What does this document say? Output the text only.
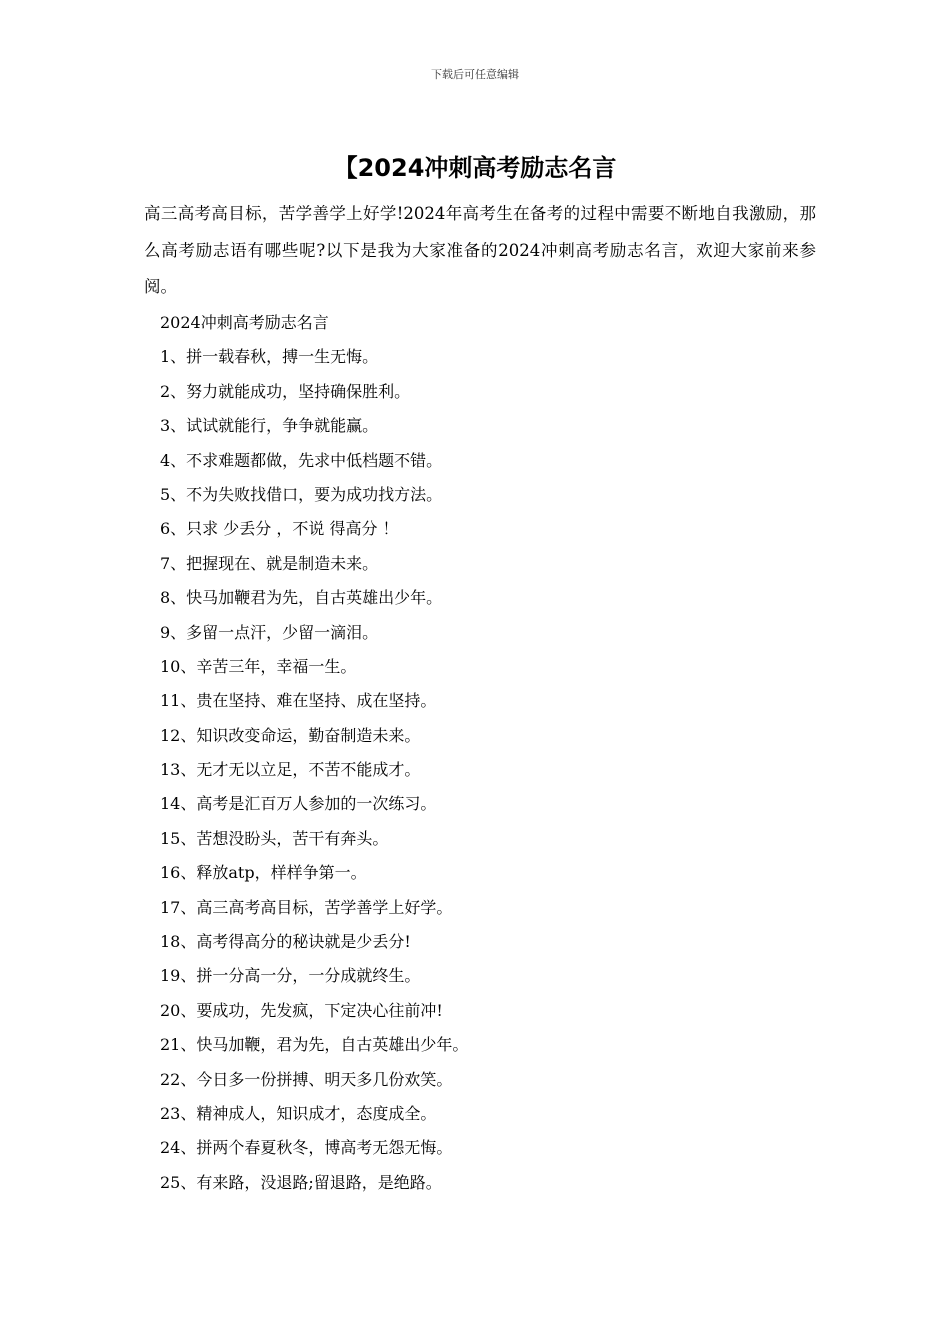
下载后可任意编辑
【2024冲刺高考励志名言
高三高考高目标，苦学善学上好学!2024年高考生在备考的过程中需要不断地自我激励，那么高考励志语有哪些呢?以下是我为大家准备的2024冲刺高考励志名言，欢迎大家前来参阅。
2024冲刺高考励志名言
1、拼一载春秋，搏一生无悔。
2、努力就能成功，坚持确保胜利。
3、试试就能行，争争就能赢。
4、不求难题都做，先求中低档题不错。
5、不为失败找借口，要为成功找方法。
6、只求 少丢分 ，不说 得高分 ！
7、把握现在、就是制造未来。
8、快马加鞭君为先，自古英雄出少年。
9、多留一点汗，少留一滴泪。
10、辛苦三年，幸福一生。
11、贵在坚持、难在坚持、成在坚持。
12、知识改变命运，勤奋制造未来。
13、无才无以立足，不苦不能成才。
14、高考是汇百万人参加的一次练习。
15、苦想没盼头，苦干有奔头。
16、释放atp，样样争第一。
17、高三高考高目标，苦学善学上好学。
18、高考得高分的秘诀就是少丢分!
19、拼一分高一分，一分成就终生。
20、要成功，先发疯，下定决心往前冲!
21、快马加鞭，君为先，自古英雄出少年。
22、今日多一份拼搏、明天多几份欢笑。
23、精神成人，知识成才，态度成全。
24、拼两个春夏秋冬，博高考无怨无悔。
25、有来路，没退路;留退路，是绝路。
